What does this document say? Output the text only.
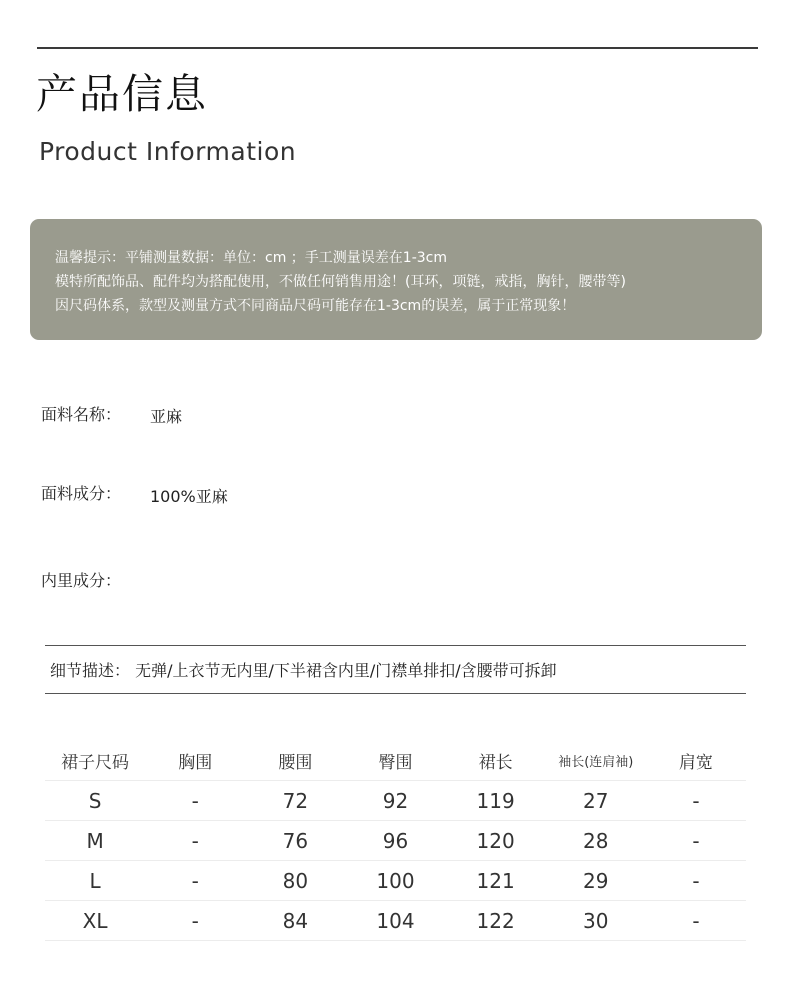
产品信息
Product Information
温馨提示：平铺测量数据：单位：cm ；手工测量误差在1-3cm
模特所配饰品、配件均为搭配使用，不做任何销售用途！(耳环，项链，戒指，胸针，腰带等)
因尺码体系，款型及测量方式不同商品尺码可能存在1-3cm的误差，属于正常现象！
面料名称： 亚麻
面料成分： 100%亚麻
内里成分：
细节描述： 无弹/上衣节无内里/下半裙含内里/门襟单排扣/含腰带可拆卸
裙子尺码	胸围	腰围	臀围	裙长	袖长(连肩袖)	肩宽
S	-	72	92	119	27	-
M	-	76	96	120	28	-
L	-	80	100	121	29	-
XL	-	84	104	122	30	-
